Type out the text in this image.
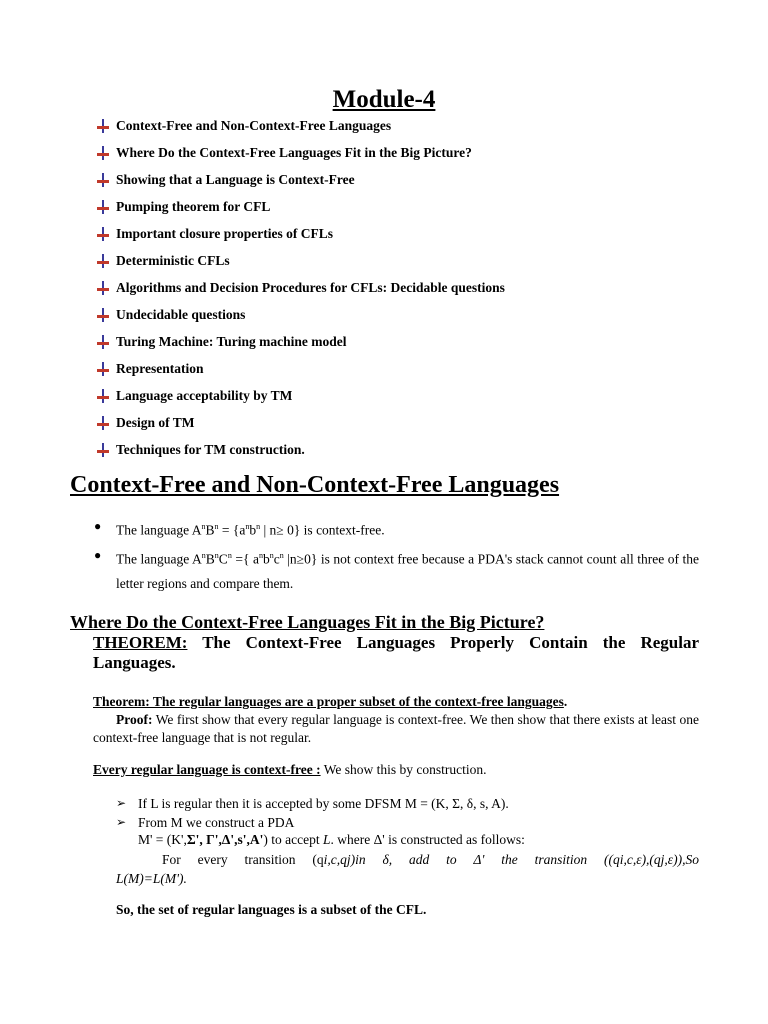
Module-4
Context-Free and Non-Context-Free Languages
Where Do the Context-Free Languages Fit in the Big Picture?
Showing that a Language is Context-Free
Pumping theorem for CFL
Important closure properties of CFLs
Deterministic CFLs
Algorithms and Decision Procedures for CFLs: Decidable questions
Undecidable questions
Turing Machine: Turing machine model
Representation
Language acceptability by TM
Design of TM
Techniques for TM construction.
Context-Free and Non-Context-Free Languages
● The language $A^nB^n = \{a^nb^n$ | n≥ 0} is context-free.
● The language $A^nB^nC^n$ ={ $a^nb^nc^n$ |n≥0} is not context free because a PDA's stack cannot count all three of the letter regions and compare them.
Where Do the Context-Free Languages Fit in the Big Picture?

THEOREM: The Context-Free Languages Properly Contain the Regular Languages.

Theorem: The regular languages are a proper subset of the context-free languages.
Proof: We first show that every regular language is context-free. We then show that there exists at least one context-free language that is not regular.
Every regular language is context-free : We show this by construction.
➢ If L is regular then it is accepted by some DFSM M = (K, Σ, δ, s, A).
➢ From M we construct a PDA
M' = (K',Σ', Γ',Δ',s',A') to accept L. where Δ' is constructed as follows:
For every transition (qi,c,qj)in δ, add to Δ' the transition ((qi,c,ε),(qj,ε)),So
L(M)=L(M').
So, the set of regular languages is a subset of the CFL.
